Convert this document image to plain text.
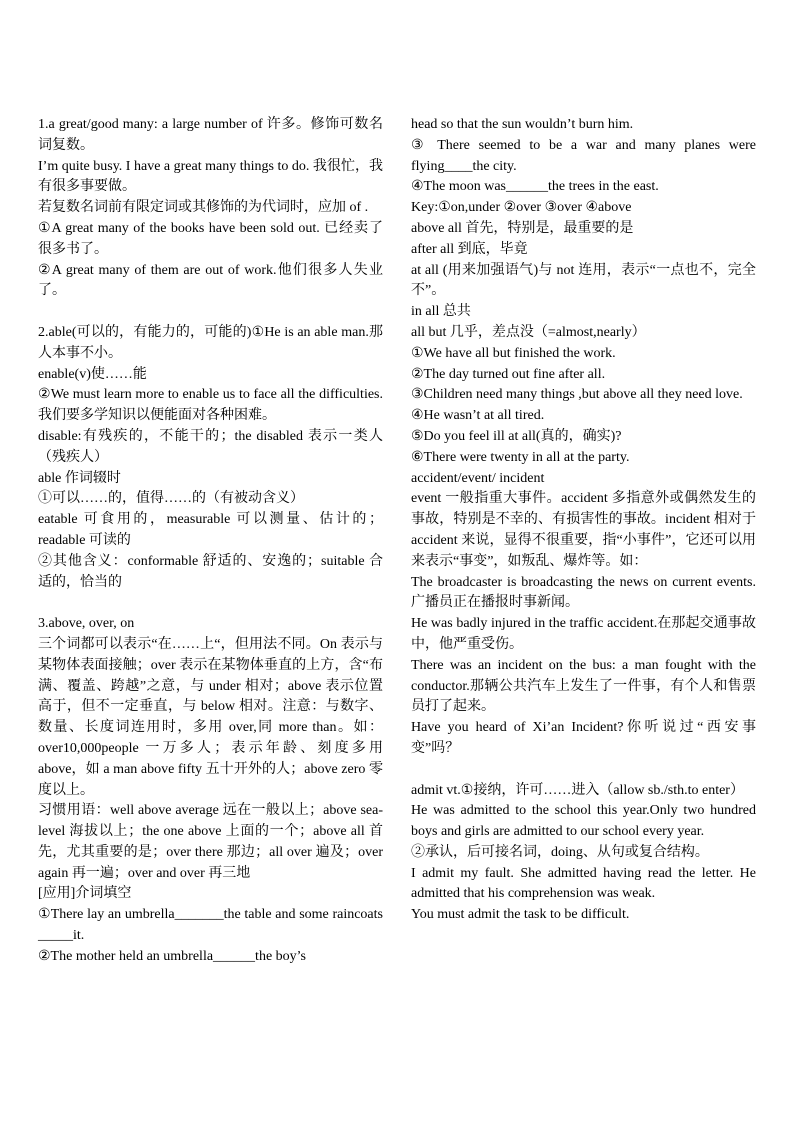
1.a great/good many: a large number of 许多。修饰可数名词复数。

I’m quite busy. I have a great many things to do. 我很忙，我有很多事要做。

若复数名词前有限定词或其修饰的为代词时，应加 of .

①A great many of the books have been sold out. 已经卖了很多书了。

②A great many of them are out of work.他们很多人失业了。

2.able(可以的，有能力的，可能的)①He is an able man.那人本事不小。

enable(v)使……能

②We must learn more to enable us to face all the difficulties.我们要多学知识以便能面对各种困难。

disable:有残疾的，不能干的；the disabled 表示一类人（残疾人）

able 作词辍时

①可以……的，值得……的（有被动含义）

eatable 可食用的，measurable 可以测量、估计的；readable 可读的

②其他含义：conformable 舒适的、安逸的；suitable 合适的，恰当的

3.above, over, on

三个词都可以表示“在……上“，但用法不同。On 表示与某物体表面接触；over 表示在某物体垂直的上方，含“布满、覆盖、跨越”之意，与 under 相对；above 表示位置高于，但不一定垂直，与 below 相对。注意：与数字、数量、长度词连用时，多用 over,同 more than。如：over10,000people 一万多人；表示年龄、刻度多用 above，如 a man above fifty 五十开外的人；above zero 零度以上。

习惯用语：well above average 远在一般以上；above sea-level 海拔以上；the one above 上面的一个；above all 首先，尤其重要的是；over there 那边；all over 遍及；over again 再一遍；over and over 再三地

[应用]介词填空

①There lay an umbrella_______the table and some raincoats _____it.

②The mother held an umbrella______the boy’s

head so that the sun wouldn’t burn him.

③ There seemed to be a war and many planes were flying____the city.

④The moon was______the trees in the east.

Key:①on,under ②over ③over ④above

above all 首先，特别是，最重要的是

after all 到底，毕竟

at all (用来加强语气)与 not 连用，表示“一点也不，完全不”。

in all 总共

all but 几乎，差点没（=almost,nearly）

①We have all but finished the work.

②The day turned out fine after all.

③Children need many things ,but above all they need love.

④He wasn’t at all tired.

⑤Do you feel ill at all(真的，确实)?

⑥There were twenty in all at the party.

accident/event/ incident

event 一般指重大事件。accident 多指意外或偶然发生的事故，特别是不幸的、有损害性的事故。incident 相对于 accident 来说，显得不很重要，指“小事件”，它还可以用来表示“事变”，如叛乱、爆炸等。如：

The broadcaster is broadcasting the news on current events.广播员正在播报时事新闻。

He was badly injured in the traffic accident.在那起交通事故中，他严重受伤。

There was an incident on the bus: a man fought with the conductor.那辆公共汽车上发生了一件事，有个人和售票员打了起来。

Have you heard of Xi’an Incident?你听说过“西安事变”吗？

admit vt.①接纳，许可……进入（allow sb./sth.to enter）

He was admitted to the school this year.Only two hundred boys and girls are admitted to our school every year.

②承认，后可接名词，doing、从句或复合结构。

I admit my fault. She admitted having read the letter. He admitted that his comprehension was weak.

You must admit the task to be difficult.
